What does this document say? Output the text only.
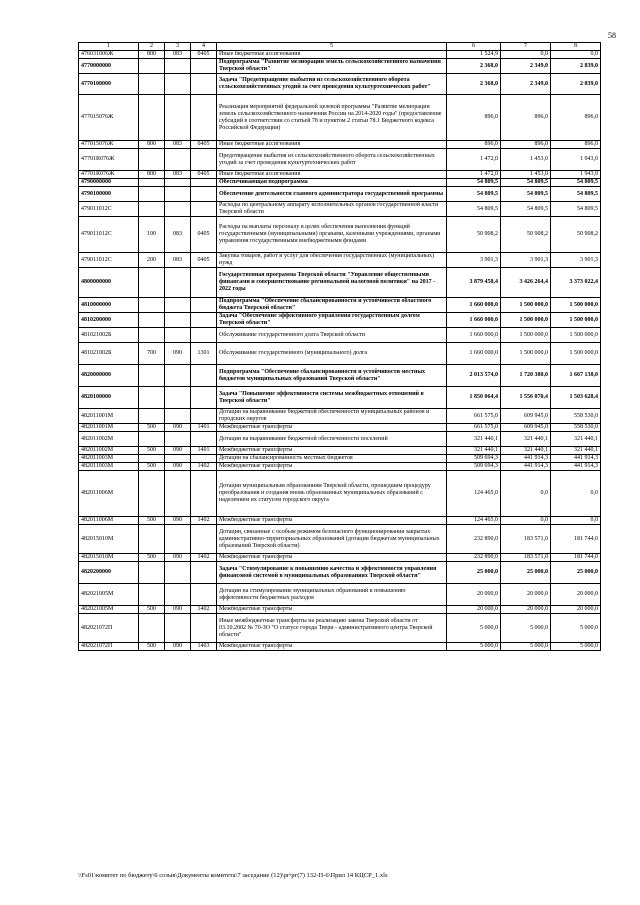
58
1	2	3	4	5	6	7	8
476031006Ж	800	083	0405	Иные бюджетные ассигнования	1 524,9	0,0	0,0
4770000000				Подпрограмма "Развитие мелиорации земель сельскохозяйственного назначения Тверской области"	2 368,0	2 349,0	2 839,0
4770100000				Задача "Предотвращение выбытия из сельскохозяйственного оборота сельскохозяйственных угодий за счет проведения культуртехнических работ"	2 368,0	2 349,0	2 839,0
477015076Ж				Реализация мероприятий федеральной целевой программы "Развитие мелиорации земель сельскохозяйственного назначения России на 2014-2020 годы" (предоставление субсидий в соответствии со статьей 78 и пунктом 2 статьи 78.1 Бюджетного кодекса Российской Федерации)	896,0	896,0	896,0
477015076Ж	800	083	0405	Иные бюджетные ассигнования	896,0	896,0	896,0
47701R076Ж				Предотвращение выбытия из сельскохозяйственного оборота сельскохозяйственных угодий за счет проведения культуртехнических работ	1 472,0	1 453,0	1 943,0
47701R076Ж	800	083	0405	Иные бюджетные ассигнования	1 472,0	1 453,0	1 943,0
4790000000				Обеспечивающая подпрограмма	54 809,5	54 809,5	54 809,5
4790100000				Обеспечение деятельности главного администратора государственной программы	54 809,5	54 809,5	54 809,5
479011012С				Расходы по центральному аппарату исполнительных органов государственной власти Тверской области	54 809,5	54 809,5	54 809,5
479011012С	100	083	0405	Расходы на выплаты персоналу в целях обеспечения выполнения функций государственными (муниципальными) органами, казенными учреждениями, органами управления государственными внебюджетными фондами	50 908,2	50 908,2	50 908,2
479011012С	200	083	0405	Закупка товаров, работ и услуг для обеспечения государственных (муниципальных) нужд	3 901,3	3 901,3	3 901,3
4800000000				Государственная программа Тверской области "Управление общественными финансами и совершенствование региональной налоговой политики" на 2017 - 2022 годы	3 879 458,4	3 426 264,4	3 373 022,4
4810000000				Подпрограмма "Обеспечение сбалансированности и устойчивости областного бюджета Тверской области"	1 660 000,0	1 500 000,0	1 500 000,0
4810200000				Задача "Обеспечение эффективного управления государственным долгом Тверской области"	1 660 000,0	1 500 000,0	1 500 000,0
481021002Б				Обслуживание государственного долга Тверской области	1 660 000,0	1 500 000,0	1 500 000,0
481021002Б	700	090	1301	Обслуживание государственного (муниципального) долга	1 660 000,0	1 500 000,0	1 500 000,0
4820000000				Подпрограмма "Обеспечение сбалансированности и устойчивости местных бюджетов муниципальных образований Тверской области"	2 013 574,0	1 720 380,0	1 667 138,0
4820100000				Задача "Повышение эффективности системы межбюджетных отношений в Тверской области"	1 850 064,4	1 556 870,4	1 503 628,4
482011001М				Дотации на выравнивание бюджетной обеспеченности муниципальных районов и городских округов	661 575,0	609 945,0	558 530,0
482011001М	500	090	1401	Межбюджетные трансферты	661 575,0	609 945,0	558 530,0
482011002М				Дотации на выравнивание бюджетной обеспеченности поселений	321 440,1	321 440,1	321 440,1
482011002М	500	090	1401	Межбюджетные трансферты	321 440,1	321 440,1	321 440,1
482011003М				Дотации на сбалансированность местных бюджетов	509 694,3	441 914,3	441 914,3
482011003М	500	090	1402	Межбюджетные трансферты	509 694,3	441 914,3	441 914,3
482011006М				Дотации муниципальным образованиям Тверской области, прошедшим процедуру преобразования и создания вновь образованных муниципальных образований с наделением их статусом городского округа	124 465,0	0,0	0,0
482011006М	500	090	1402	Межбюджетные трансферты	124 465,0	0,0	0,0
482015010М				Дотации, связанные с особым режимом безопасного функционирования закрытых административно-территориальных образований (дотации бюджетам муниципальных образований Тверской области)	232 890,0	183 571,0	181 744,0
482015010М	500	090	1402	Межбюджетные трансферты	232 890,0	183 571,0	181 744,0
4820200000				Задача "Стимулирование к повышению качества и эффективности управления финансовой системой в муниципальных образованиях Тверской области"	25 000,0	25 000,0	25 000,0
482021005М				Дотации на стимулирование муниципальных образований к повышению эффективности бюджетных расходов	20 000,0	20 000,0	20 000,0
482021005М	500	090	1402	Межбюджетные трансферты	20 000,0	20 000,0	20 000,0
482021072П				Иные межбюджетные трансферты на реализацию закона Тверской области от 03.10.2002 № 70-ЗО "О статусе города Твери - административного центра Тверской области"	5 000,0	5 000,0	5 000,0
482021072П	500	090	1403	Межбюджетные трансферты	5 000,0	5 000,0	5 000,0
\\Fs01\комитет по бюджету\6 созыв\Документы комитета\7 заседание (12)\рг\рг(7) 132-П-6\Прил 14 КЦСР_1.xls
